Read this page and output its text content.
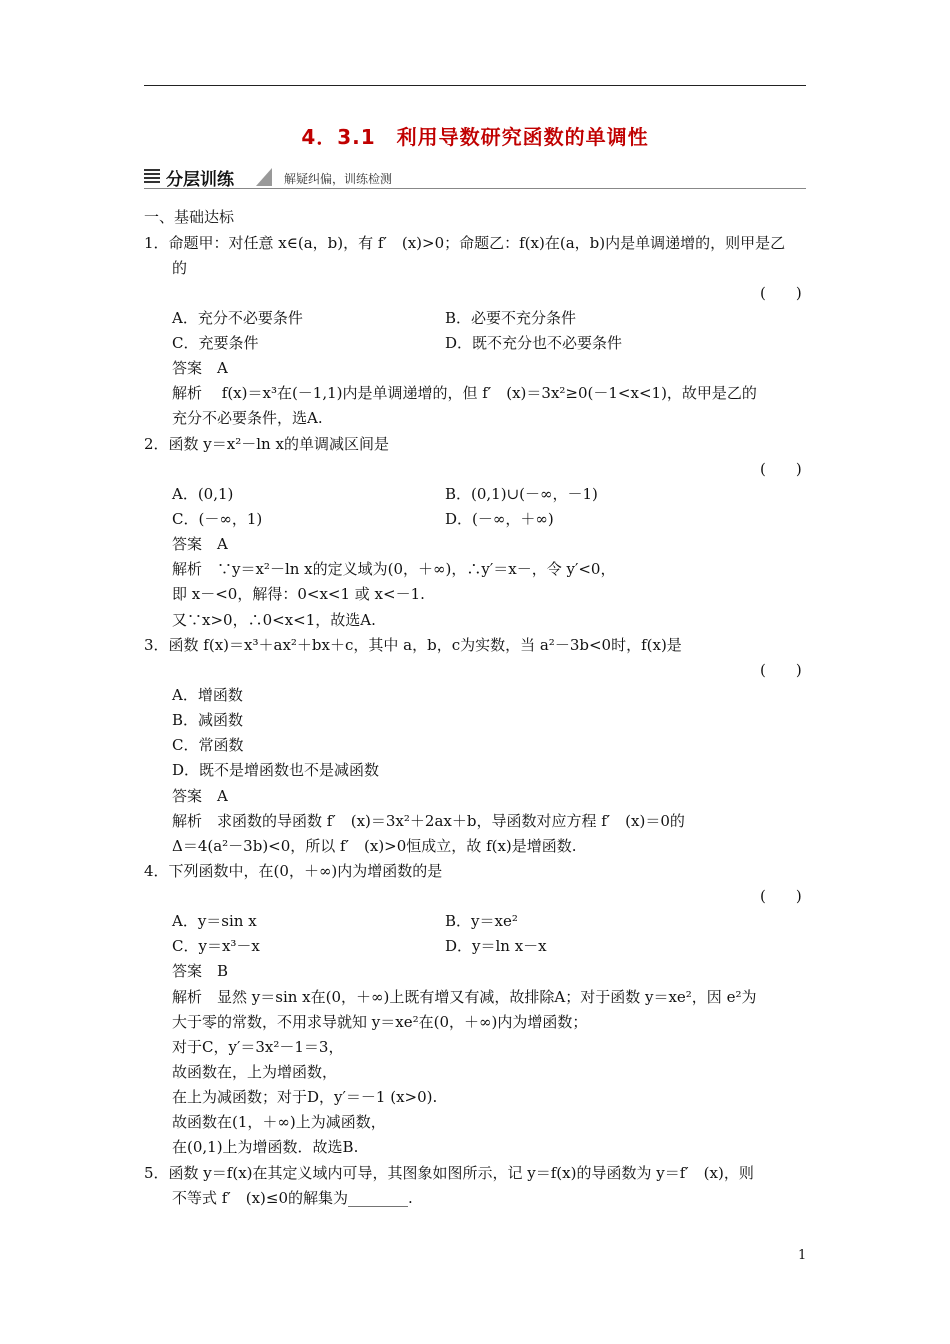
4．3.1　利用导数研究函数的单调性
分层训练	解疑纠偏，训练检测
一、基础达标
1．命题甲：对任意 x∈(a，b)，有 f′　(x)>0；命题乙：f(x)在(a，b)内是单调递增的，则甲是乙
的
(　　)
A．充分不必要条件	B．必要不充分条件
C．充要条件	D．既不充分也不必要条件
答案　A
解析　 f(x)＝x³在(－1,1)内是单调递增的，但 f′　(x)＝3x²≥0(－1<x<1)，故甲是乙的
充分不必要条件，选A.
2．函数 y＝x²－ln x的单调减区间是
(　　)
A．(0,1)	B．(0,1)∪(－∞，－1)
C．(－∞，1)	D．(－∞，＋∞)
答案　A
解析　∵y＝x²－ln x的定义域为(0，＋∞)，∴y′＝x－，令 y′<0，
即 x－<0，解得：0<x<1 或 x<－1.
又∵x>0，∴0<x<1，故选A.
3．函数 f(x)＝x³＋ax²＋bx＋c，其中 a，b，c为实数，当 a²－3b<0时，f(x)是
(　　)
A．增函数
B．减函数
C．常函数
D．既不是增函数也不是减函数
答案　A
解析　求函数的导函数 f′　(x)＝3x²＋2ax＋b，导函数对应方程 f′　(x)＝0的
Δ＝4(a²－3b)<0，所以 f′　(x)>0恒成立，故 f(x)是增函数.
4．下列函数中，在(0，＋∞)内为增函数的是
(　　)
A．y＝sin x	B．y＝xe²
C．y＝x³－x	D．y＝ln x－x
答案　B
解析　显然 y＝sin x在(0，＋∞)上既有增又有减，故排除A；对于函数 y＝xe²，因 e²为
大于零的常数，不用求导就知 y＝xe²在(0，＋∞)内为增函数；
对于C，y′＝3x²－1＝3，
故函数在，上为增函数，
在上为减函数；对于D，y′＝－1 (x>0).
故函数在(1，＋∞)上为减函数，
在(0,1)上为增函数．故选B.
5．函数 y＝f(x)在其定义域内可导，其图象如图所示，记 y＝f(x)的导函数为 y＝f′　(x)，则
不等式 f′　(x)≤0的解集为________.
1
